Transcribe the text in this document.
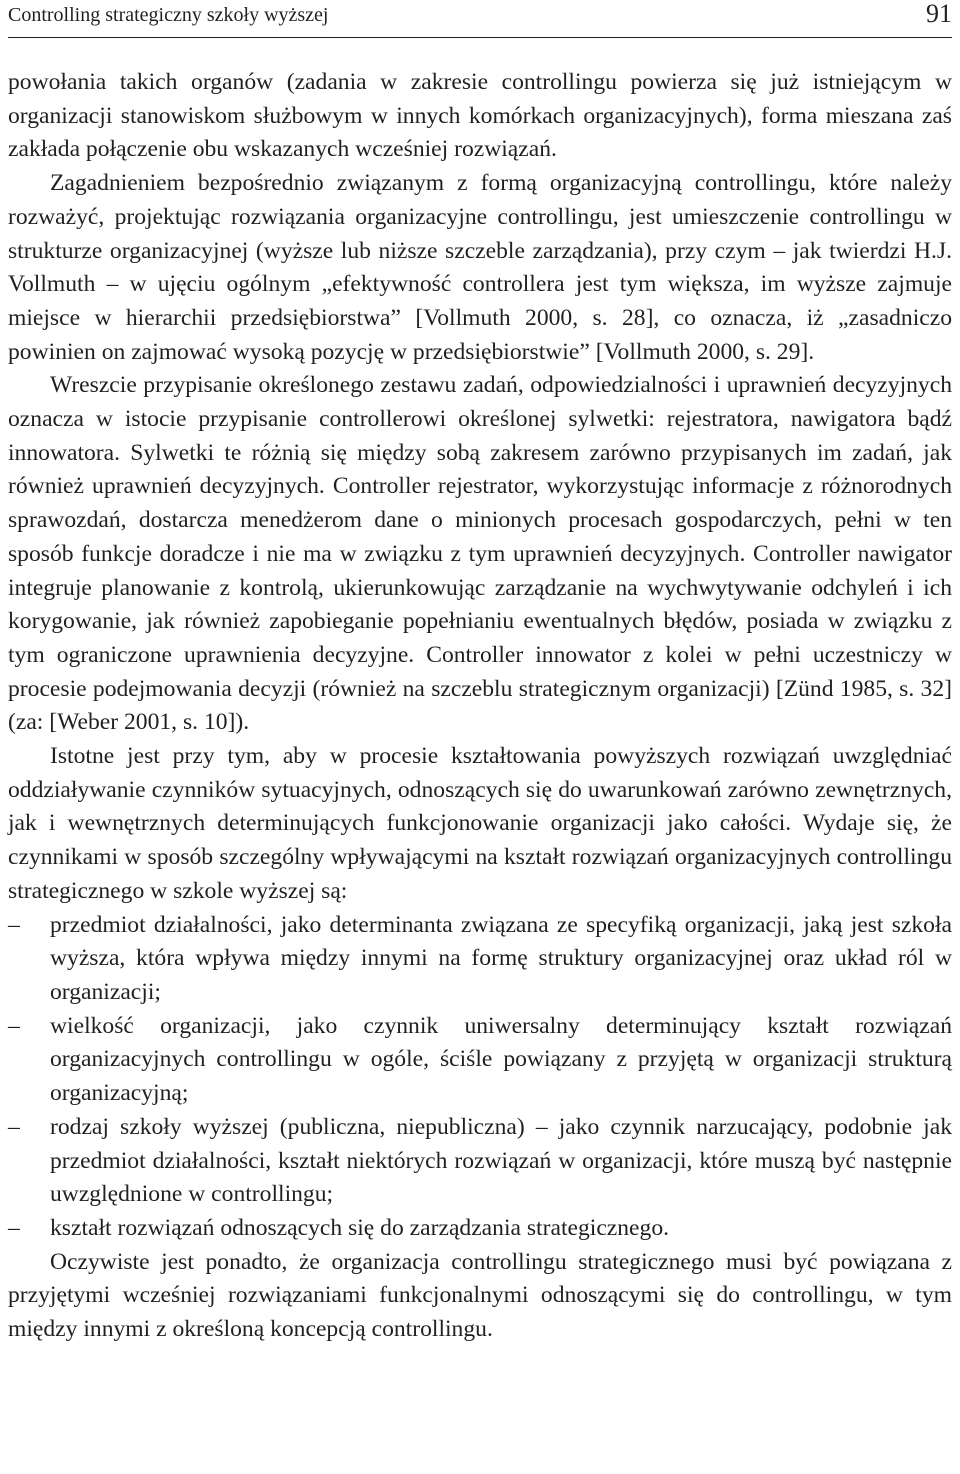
Controlling strategiczny szkoły wyższej	91

powołania takich organów (zadania w zakresie controllingu powierza się już istniejącym w organizacji stanowiskom służbowym w innych komórkach organizacyjnych), forma mieszana zaś zakłada połączenie obu wskazanych wcześniej rozwiązań.

Zagadnieniem bezpośrednio związanym z formą organizacyjną controllingu, które należy rozważyć, projektując rozwiązania organizacyjne controllingu, jest umieszczenie controllingu w strukturze organizacyjnej (wyższe lub niższe szczeble zarządzania), przy czym – jak twierdzi H.J. Vollmuth – w ujęciu ogólnym „efektywność controllera jest tym większa, im wyższe zajmuje miejsce w hierarchii przedsiębiorstwa” [Vollmuth 2000, s. 28], co oznacza, iż „zasadniczo powinien on zajmować wysoką pozycję w przedsiębiorstwie” [Vollmuth 2000, s. 29].

Wreszcie przypisanie określonego zestawu zadań, odpowiedzialności i uprawnień decyzyjnych oznacza w istocie przypisanie controllerowi określonej sylwetki: rejestratora, nawigatora bądź innowatora. Sylwetki te różnią się między sobą zakresem zarówno przypisanych im zadań, jak również uprawnień decyzyjnych. Controller rejestrator, wykorzystując informacje z różnorodnych sprawozdań, dostarcza menedżerom dane o minionych procesach gospodarczych, pełni w ten sposób funkcje doradcze i nie ma w związku z tym uprawnień decyzyjnych. Controller nawigator integruje planowanie z kontrolą, ukierunkowując zarządzanie na wychwytywanie odchyleń i ich korygowanie, jak również zapobieganie popełnianiu ewentualnych błędów, posiada w związku z tym ograniczone uprawnienia decyzyjne. Controller innowator z kolei w pełni uczestniczy w procesie podejmowania decyzji (również na szczeblu strategicznym organizacji) [Zünd 1985, s. 32] (za: [Weber 2001, s. 10]).

Istotne jest przy tym, aby w procesie kształtowania powyższych rozwiązań uwzględniać oddziaływanie czynników sytuacyjnych, odnoszących się do uwarunkowań zarówno zewnętrznych, jak i wewnętrznych determinujących funkcjonowanie organizacji jako całości. Wydaje się, że czynnikami w sposób szczególny wpływającymi na kształt rozwiązań organizacyjnych controllingu strategicznego w szkole wyższej są:

– przedmiot działalności, jako determinanta związana ze specyfiką organizacji, jaką jest szkoła wyższa, która wpływa między innymi na formę struktury organizacyjnej oraz układ ról w organizacji;
– wielkość organizacji, jako czynnik uniwersalny determinujący kształt rozwiązań organizacyjnych controllingu w ogóle, ściśle powiązany z przyjętą w organizacji strukturą organizacyjną;
– rodzaj szkoły wyższej (publiczna, niepubliczna) – jako czynnik narzucający, podobnie jak przedmiot działalności, kształt niektórych rozwiązań w organizacji, które muszą być następnie uwzględnione w controllingu;
– kształt rozwiązań odnoszących się do zarządzania strategicznego.

Oczywiste jest ponadto, że organizacja controllingu strategicznego musi być powiązana z przyjętymi wcześniej rozwiązaniami funkcjonalnymi odnoszącymi się do controllingu, w tym między innymi z określoną koncepcją controllingu.
